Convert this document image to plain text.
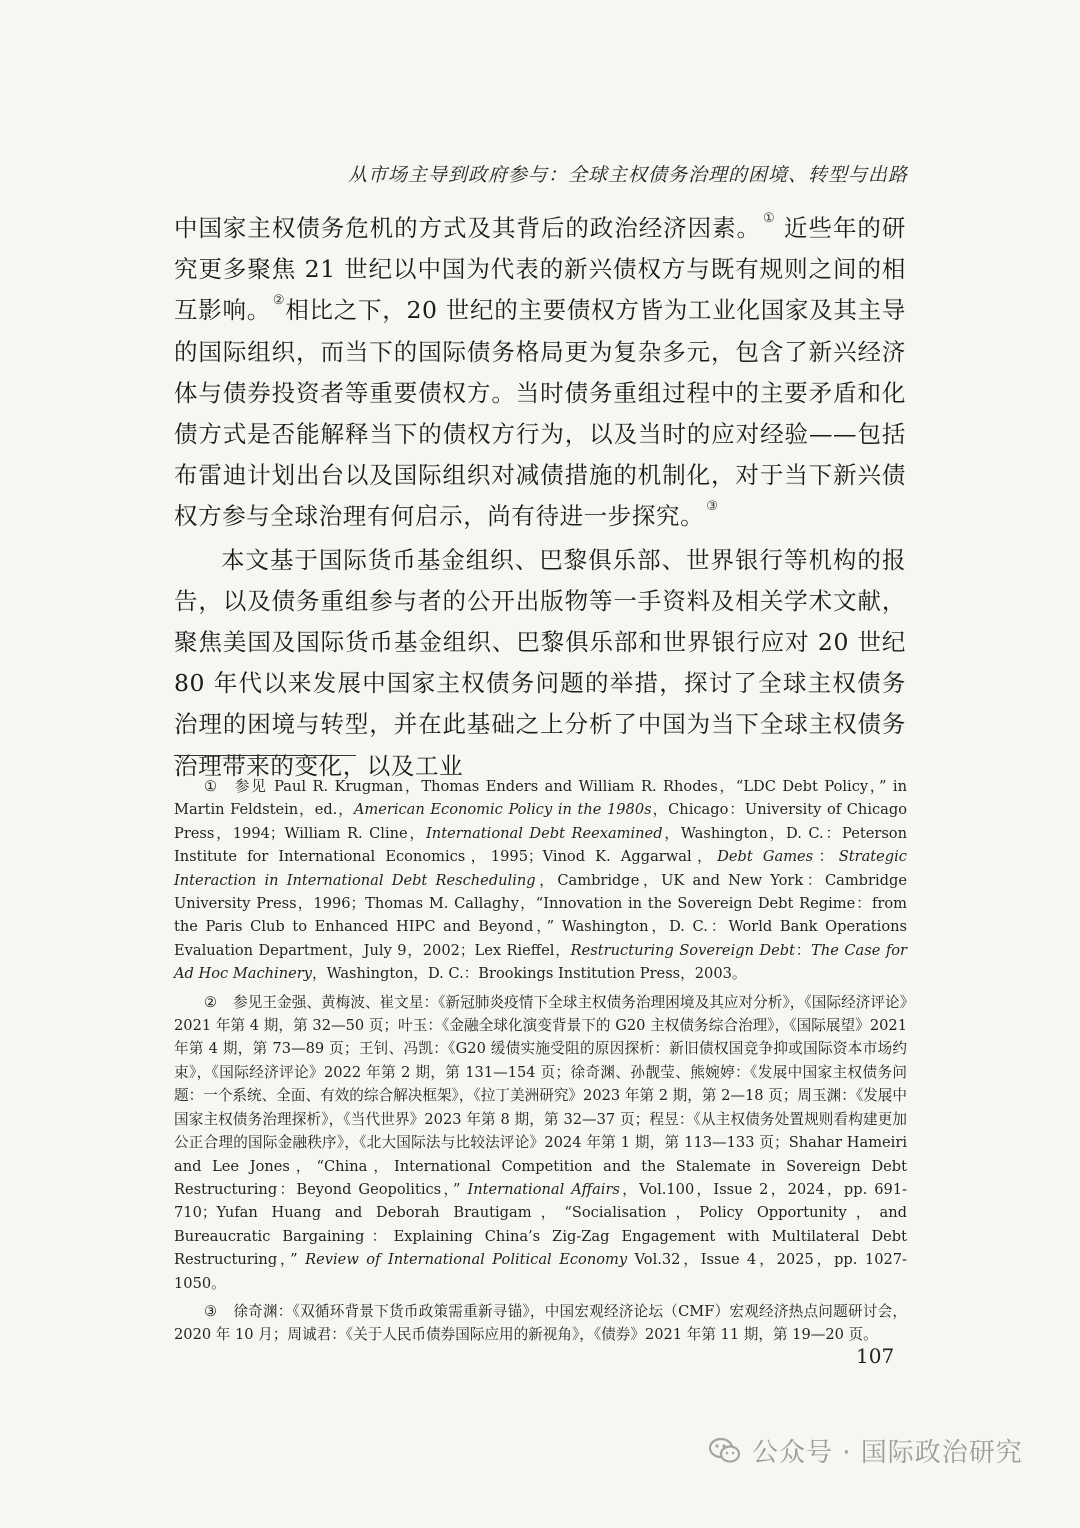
从市场主导到政府参与：全球主权债务治理的困境、转型与出路

中国家主权债务危机的方式及其背后的政治经济因素。 ① 近些年的研究更多聚焦 21 世纪以中国为代表的新兴债权方与既有规则之间的相互影响。 ②相比之下，20 世纪的主要债权方皆为工业化国家及其主导的国际组织，而当下的国际债务格局更为复杂多元，包含了新兴经济体与债券投资者等重要债权方。当时债务重组过程中的主要矛盾和化债方式是否能解释当下的债权方行为，以及当时的应对经验——包括布雷迪计划出台以及国际组织对减债措施的机制化，对于当下新兴债权方参与全球治理有何启示，尚有待进一步探究。 ③

本文基于国际货币基金组织、巴黎俱乐部、世界银行等机构的报告，以及债务重组参与者的公开出版物等一手资料及相关学术文献，聚焦美国及国际货币基金组织、巴黎俱乐部和世界银行应对 20 世纪 80 年代以来发展中国家主权债务问题的举措，探讨了全球主权债务治理的困境与转型，并在此基础之上分析了中国为当下全球主权债务治理带来的变化，以及工业

① 参见 Paul R. Krugman，Thomas Enders and William R. Rhodes，“LDC Debt Policy，” in Martin Feldstein，ed.，American Economic Policy in the 1980s，Chicago：University of Chicago Press，1994；William R. Cline，International Debt Reexamined，Washington，D. C.：Peterson Institute for International Economics，1995；Vinod K. Aggarwal，Debt Games：Strategic Interaction in International Debt Rescheduling，Cambridge，UK and New York：Cambridge University Press，1996；Thomas M. Callaghy，“Innovation in the Sovereign Debt Regime：from the Paris Club to Enhanced HIPC and Beyond，” Washington，D. C.：World Bank Operations Evaluation Department，July 9，2002；Lex Rieffel，Restructuring Sovereign Debt：The Case for Ad Hoc Machinery，Washington，D. C.：Brookings Institution Press，2003。

② 参见王金强、黄梅波、崔文星：《新冠肺炎疫情下全球主权债务治理困境及其应对分析》，《国际经济评论》2021 年第 4 期，第 32—50 页；叶玉：《金融全球化演变背景下的 G20 主权债务综合治理》，《国际展望》2021 年第 4 期，第 73—89 页；王钊、冯凯：《G20 缓债实施受阻的原因探析：新旧债权国竞争抑或国际资本市场约束》，《国际经济评论》2022 年第 2 期，第 131—154 页；徐奇渊、孙靓莹、熊婉婷：《发展中国家主权债务问题：一个系统、全面、有效的综合解决框架》，《拉丁美洲研究》2023 年第 2 期，第 2—18 页；周玉渊：《发展中国家主权债务治理探析》，《当代世界》2023 年第 8 期，第 32—37 页；程昱：《从主权债务处置规则看构建更加公正合理的国际金融秩序》，《北大国际法与比较法评论》2024 年第 1 期，第 113—133 页；Shahar Hameiri and Lee Jones，“China，International Competition and the Stalemate in Sovereign Debt Restructuring：Beyond Geopolitics，” International Affairs，Vol.100，Issue 2，2024，pp. 691-710；Yufan Huang and Deborah Brautigam，“Socialisation，Policy Opportunity，and Bureaucratic Bargaining：Explaining China’s Zig-Zag Engagement with Multilateral Debt Restructuring，” Review of International Political Economy Vol.32，Issue 4，2025，pp. 1027-1050。

③ 徐奇渊：《双循环背景下货币政策需重新寻锚》，中国宏观经济论坛（CMF）宏观经济热点问题研讨会，2020 年 10 月；周诚君：《关于人民币债券国际应用的新视角》，《债券》2021 年第 11 期，第 19—20 页。

107
公众号 · 国际政治研究
